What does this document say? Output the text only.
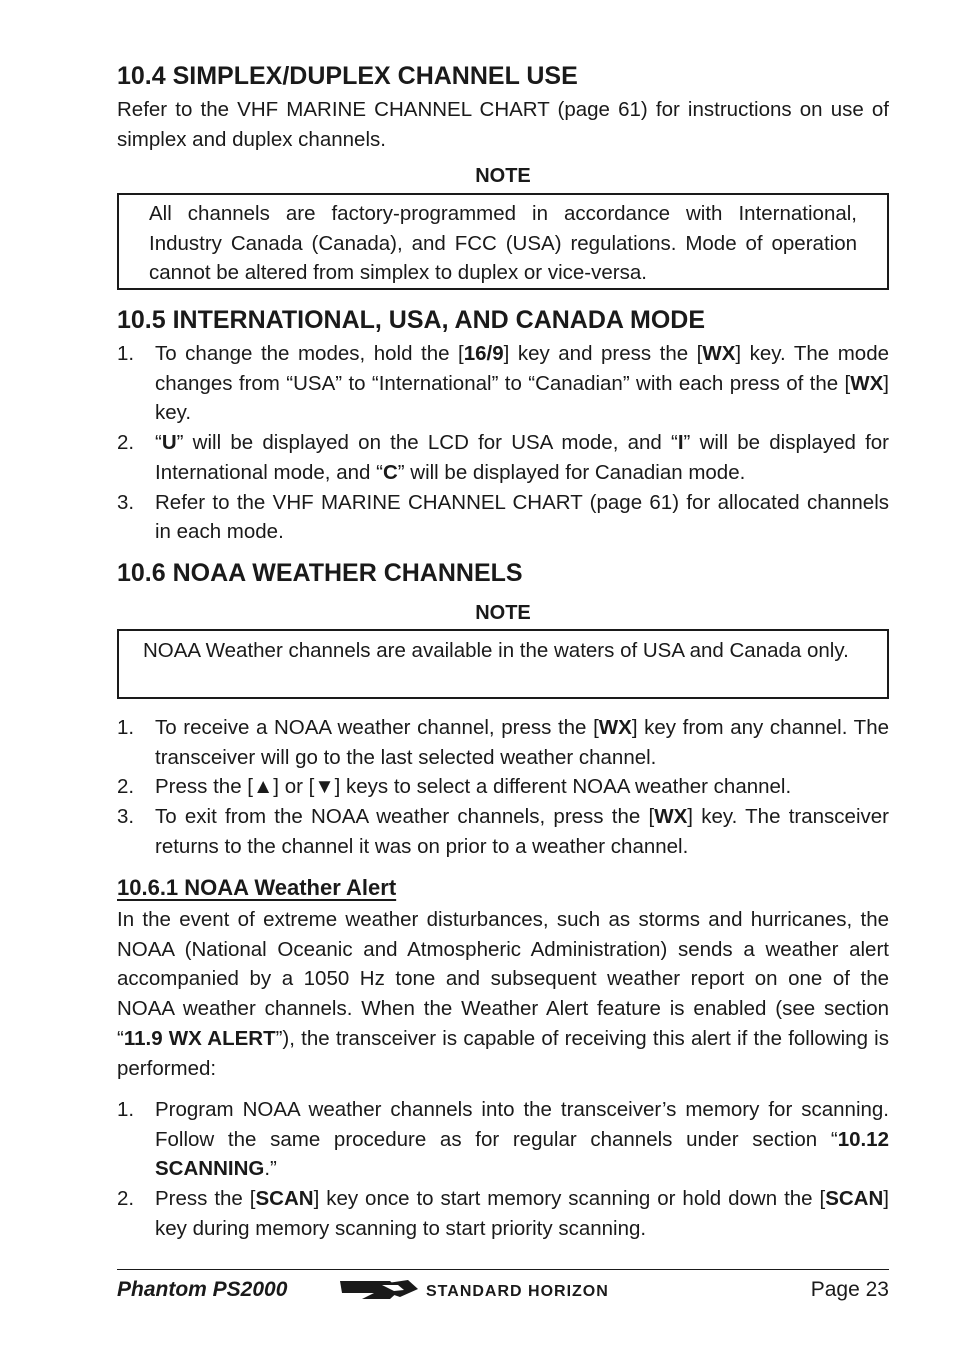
10.4 SIMPLEX/DUPLEX CHANNEL USE
Refer to the VHF MARINE CHANNEL CHART (page 61) for instructions on use of simplex and duplex channels.
NOTE
All channels are factory-programmed in accordance with International, Industry Canada (Canada), and FCC (USA) regulations. Mode of operation cannot be altered from simplex to duplex or vice-versa.
10.5 INTERNATIONAL, USA, AND CANADA MODE
1. To change the modes, hold the [16/9] key and press the [WX] key. The mode changes from “USA” to “International” to “Canadian” with each press of the [WX] key.
2. “U” will be displayed on the LCD for USA mode, and “I” will be displayed for International mode, and “C” will be displayed for Canadian mode.
3. Refer to the VHF MARINE CHANNEL CHART (page 61) for allocated channels in each mode.
10.6 NOAA WEATHER CHANNELS
NOTE
NOAA Weather channels are available in the waters of USA and Canada only.
1. To receive a NOAA weather channel, press the [WX] key from any channel. The transceiver will go to the last selected weather channel.
2. Press the [▲] or [▼] keys to select a different NOAA weather channel.
3. To exit from the NOAA weather channels, press the [WX] key. The transceiver returns to the channel it was on prior to a weather channel.
10.6.1 NOAA Weather Alert
In the event of extreme weather disturbances, such as storms and hurricanes, the NOAA (National Oceanic and Atmospheric Administration) sends a weather alert accompanied by a 1050 Hz tone and subsequent weather report on one of the NOAA weather channels. When the Weather Alert feature is enabled (see section “11.9 WX ALERT”), the transceiver is capable of receiving this alert if the following is performed:
1. Program NOAA weather channels into the transceiver’s memory for scanning. Follow the same procedure as for regular channels under section “10.12 SCANNING.”
2. Press the [SCAN] key once to start memory scanning or hold down the [SCAN] key during memory scanning to start priority scanning.
Phantom PS2000	STANDARD HORIZON	Page 23
